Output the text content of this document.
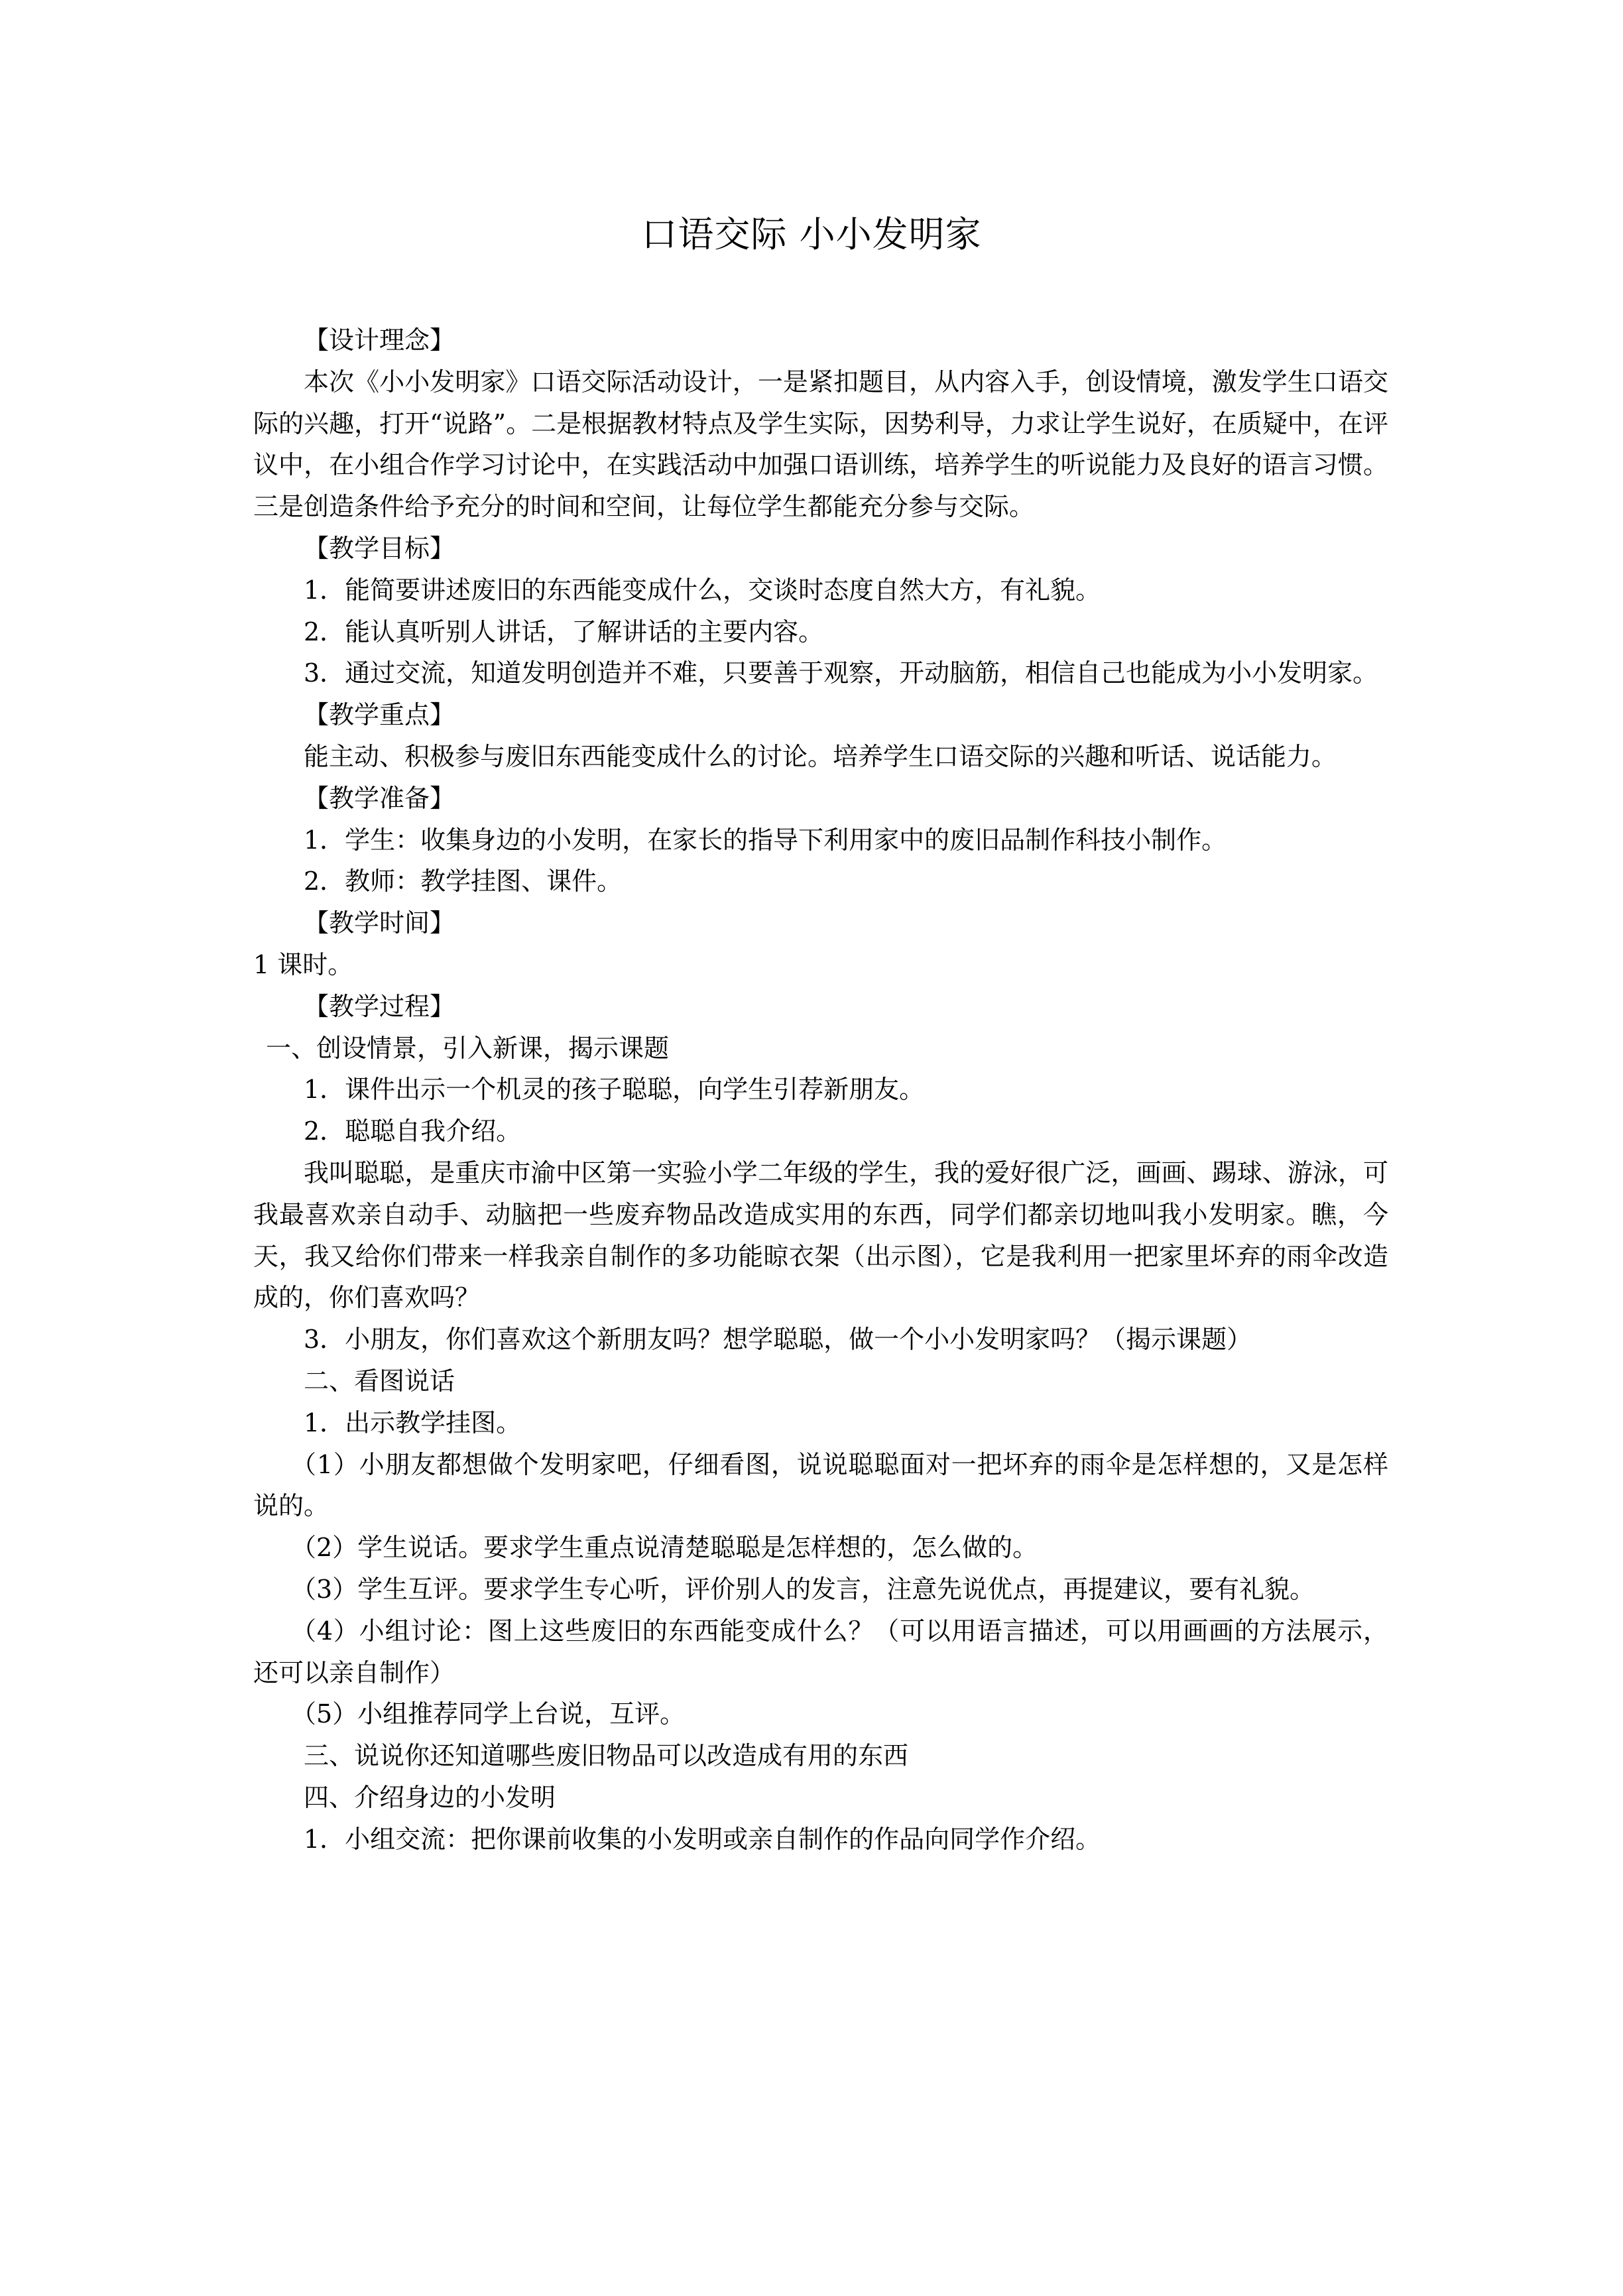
口语交际 小小发明家

【设计理念】

本次《小小发明家》口语交际活动设计，一是紧扣题目，从内容入手，创设情境，激发学生口语交际的兴趣，打开“说路”。二是根据教材特点及学生实际，因势利导，力求让学生说好，在质疑中，在评议中，在小组合作学习讨论中，在实践活动中加强口语训练，培养学生的听说能力及良好的语言习惯。三是创造条件给予充分的时间和空间，让每位学生都能充分参与交际。

【教学目标】

1．能简要讲述废旧的东西能变成什么，交谈时态度自然大方，有礼貌。

2．能认真听别人讲话，了解讲话的主要内容。

3．通过交流，知道发明创造并不难，只要善于观察，开动脑筋，相信自己也能成为小小发明家。

【教学重点】

能主动、积极参与废旧东西能变成什么的讨论。培养学生口语交际的兴趣和听话、说话能力。

【教学准备】

1．学生：收集身边的小发明，在家长的指导下利用家中的废旧品制作科技小制作。

2．教师：教学挂图、课件。

【教学时间】

1 课时。

【教学过程】

一、创设情景，引入新课，揭示课题

1．课件出示一个机灵的孩子聪聪，向学生引荐新朋友。

2．聪聪自我介绍。

我叫聪聪，是重庆市渝中区第一实验小学二年级的学生，我的爱好很广泛，画画、踢球、游泳，可我最喜欢亲自动手、动脑把一些废弃物品改造成实用的东西，同学们都亲切地叫我小发明家。瞧，今天，我又给你们带来一样我亲自制作的多功能晾衣架（出示图），它是我利用一把家里坏弃的雨伞改造成的，你们喜欢吗？

3．小朋友，你们喜欢这个新朋友吗？想学聪聪，做一个小小发明家吗？（揭示课题）

二、看图说话

1．出示教学挂图。

（1）小朋友都想做个发明家吧，仔细看图，说说聪聪面对一把坏弃的雨伞是怎样想的，又是怎样说的。

（2）学生说话。要求学生重点说清楚聪聪是怎样想的，怎么做的。

（3）学生互评。要求学生专心听，评价别人的发言，注意先说优点，再提建议，要有礼貌。

（4）小组讨论：图上这些废旧的东西能变成什么？（可以用语言描述，可以用画画的方法展示，还可以亲自制作）

（5）小组推荐同学上台说，互评。

三、说说你还知道哪些废旧物品可以改造成有用的东西

四、介绍身边的小发明

1．小组交流：把你课前收集的小发明或亲自制作的作品向同学作介绍。
